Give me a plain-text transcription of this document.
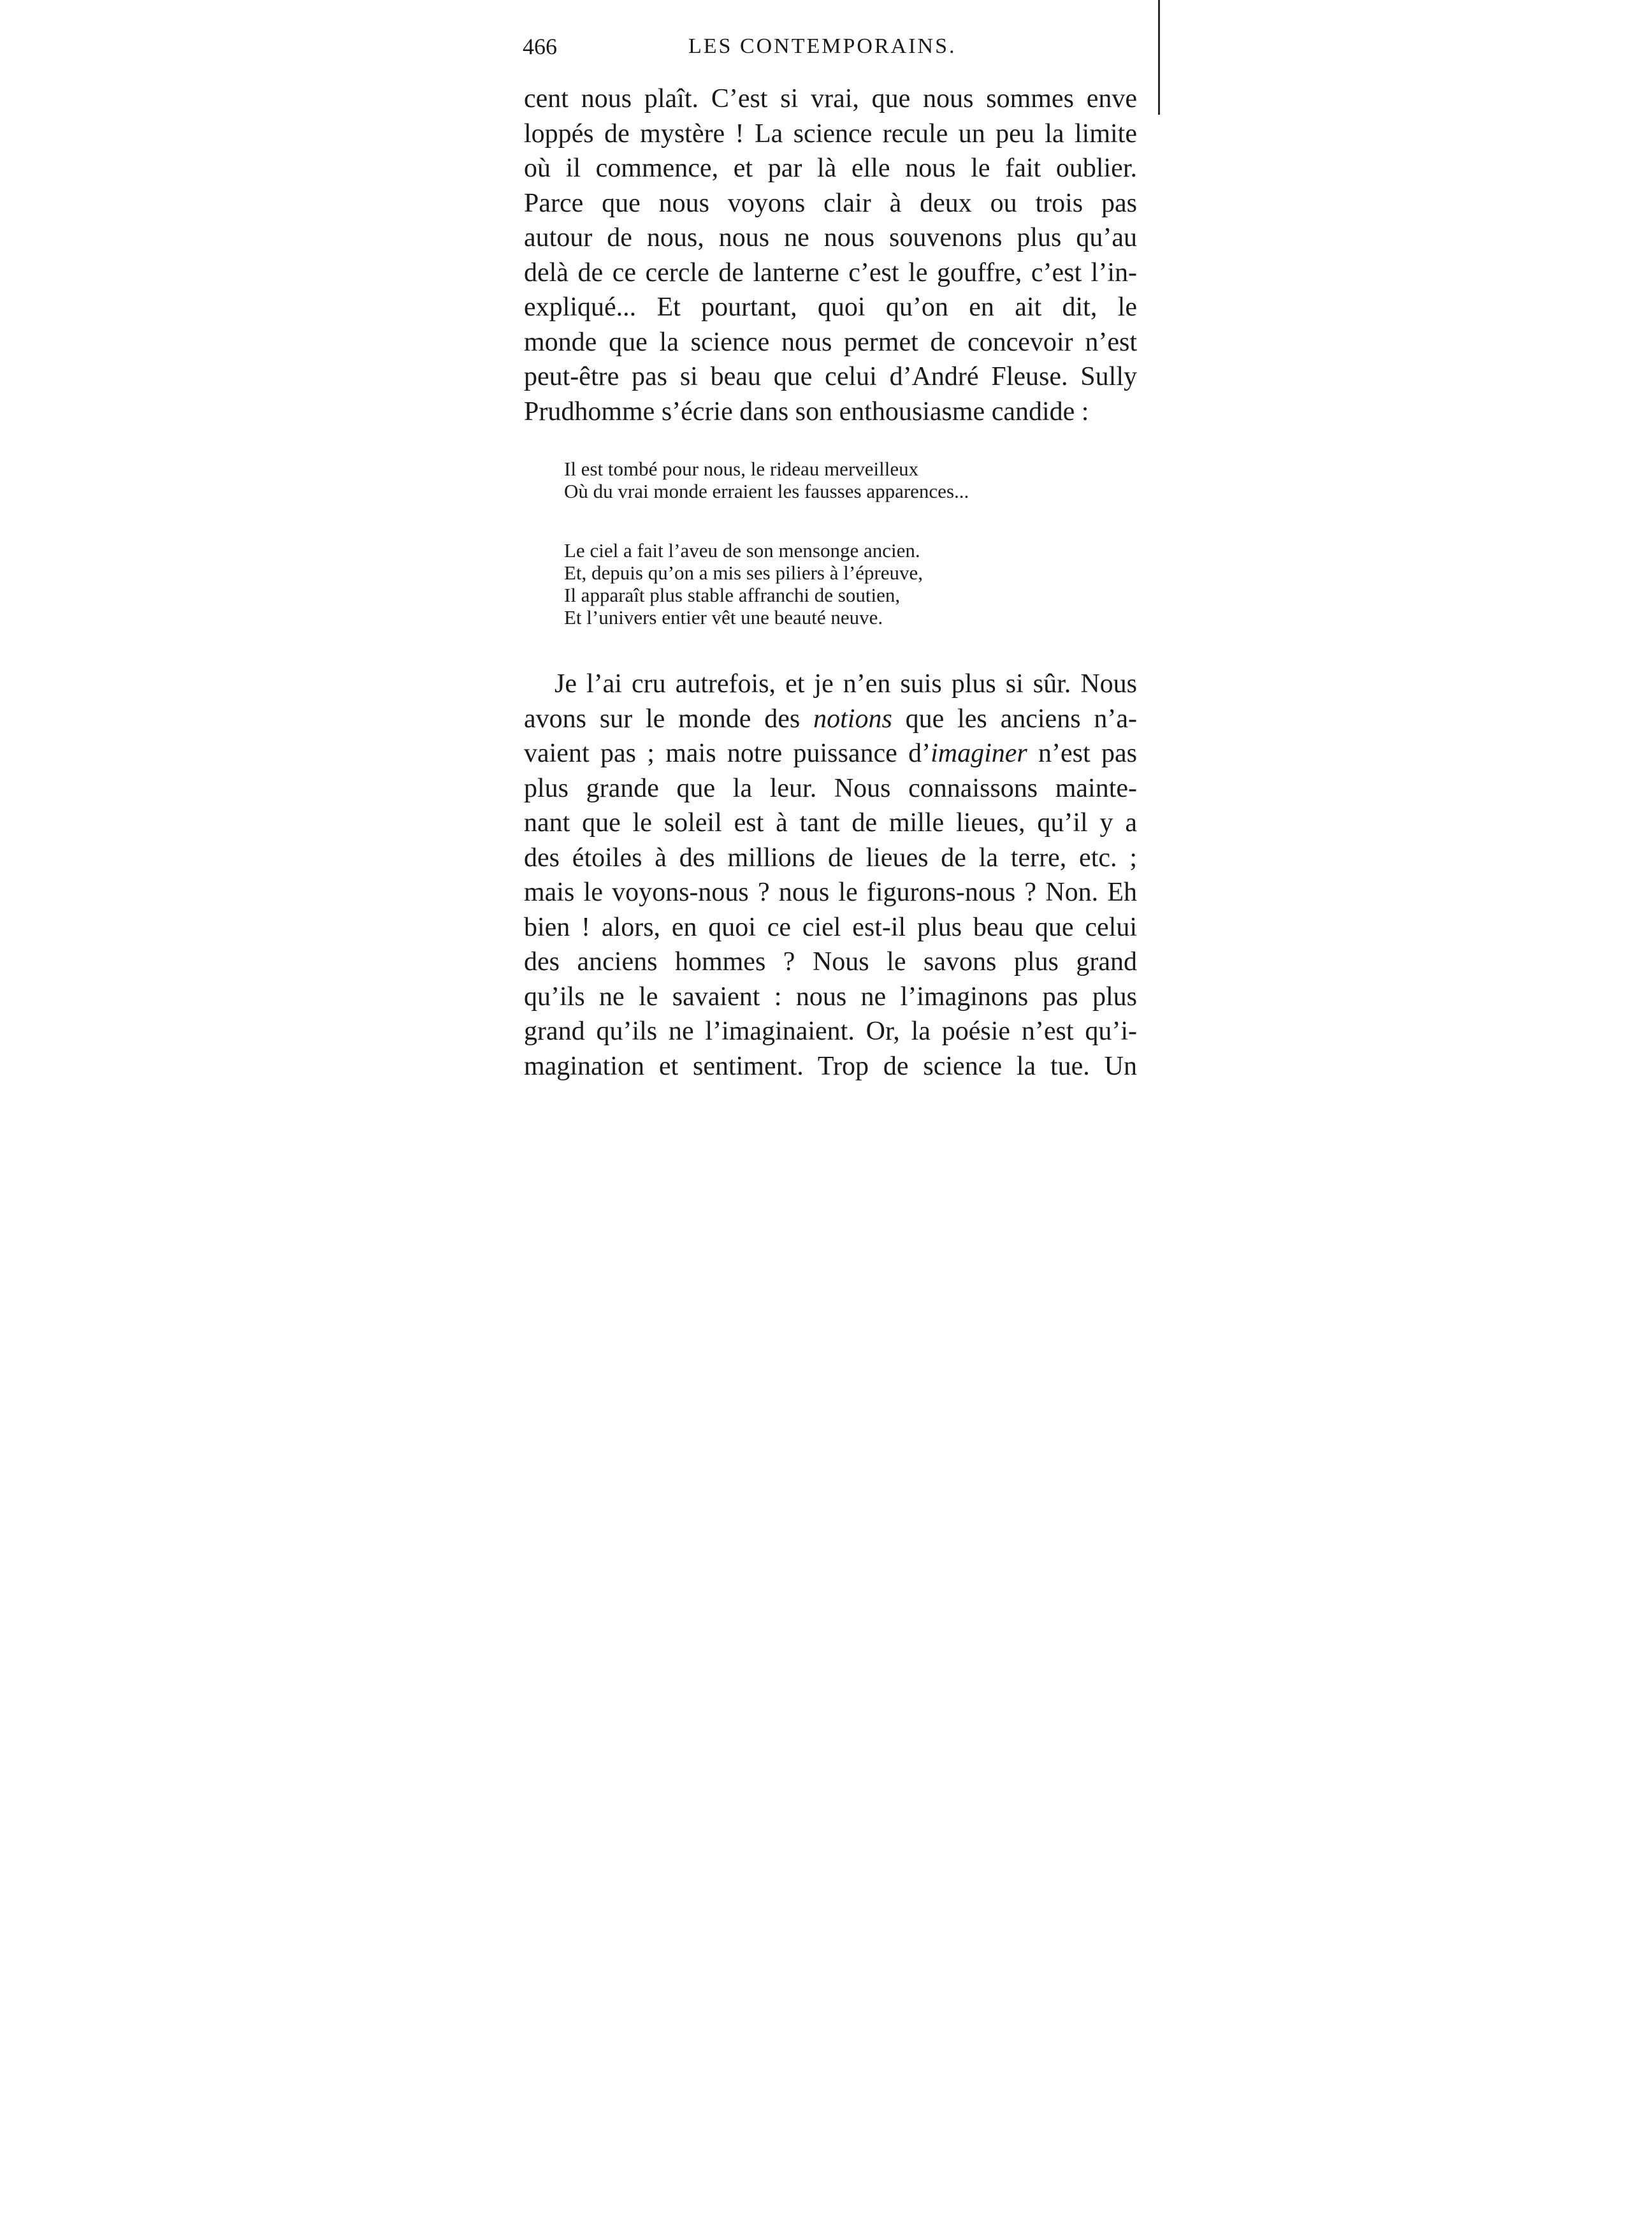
466	LES CONTEMPORAINS.

cent nous plaît. C’est si vrai, que nous sommes enve
loppés de mystère ! La science recule un peu la limite
où il commence, et par là elle nous le fait oublier.
Parce que nous voyons clair à deux ou trois pas
autour de nous, nous ne nous souvenons plus qu’au
delà de ce cercle de lanterne c’est le gouffre, c’est l’in-
expliqué... Et pourtant, quoi qu’on en ait dit, le
monde que la science nous permet de concevoir n’est
peut-être pas si beau que celui d’André Fleuse. Sully
Prudhomme s’écrie dans son enthousiasme candide :

Il est tombé pour nous, le rideau merveilleux
Où du vrai monde erraient les fausses apparences...
Le ciel a fait l’aveu de son mensonge ancien.
Et, depuis qu’on a mis ses piliers à l’épreuve,
Il apparaît plus stable affranchi de soutien,
Et l’univers entier vêt une beauté neuve.

Je l’ai cru autrefois, et je n’en suis plus si sûr. Nous
avons sur le monde des notions que les anciens n’a-
vaient pas ; mais notre puissance d’imaginer n’est pas
plus grande que la leur. Nous connaissons mainte-
nant que le soleil est à tant de mille lieues, qu’il y a
des étoiles à des millions de lieues de la terre, etc. ;
mais le voyons-nous ? nous le figurons-nous ? Non. Eh
bien ! alors, en quoi ce ciel est-il plus beau que celui
des anciens hommes ? Nous le savons plus grand
qu’ils ne le savaient : nous ne l’imaginons pas plus
grand qu’ils ne l’imaginaient. Or, la poésie n’est qu’i-
magination et sentiment. Trop de science la tue. Un
